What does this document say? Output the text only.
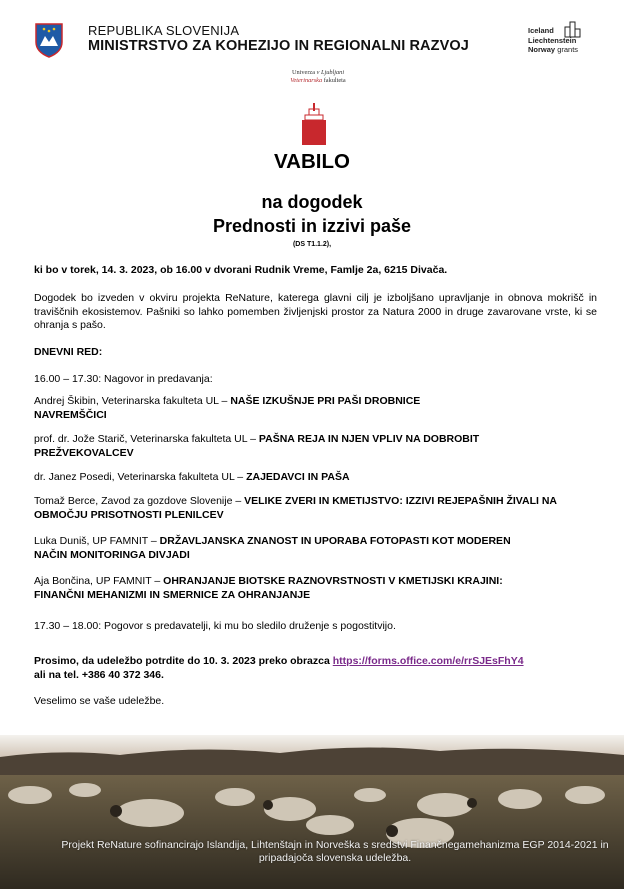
REPUBLIKA SLOVENIJA
MINISTRSTVO ZA KOHEZIJO IN REGIONALNI RAZVOJ
Iceland
Liechtenstein
Norway grants
Univerza v Ljubljani
Veterinarska fakulteta
VABILO
na dogodek
Prednosti in izzivi paše
(DS T1.1.2),
ki bo v torek, 14. 3. 2023, ob 16.00 v dvorani Rudnik Vreme, Famlje 2a, 6215 Divača.
Dogodek bo izveden v okviru projekta ReNature, katerega glavni cilj je izboljšano upravljanje in obnova mokrišč in traviščnih ekosistemov. Pašniki so lahko pomemben življenjski prostor za Natura 2000 in druge zavarovane vrste, ki se ohranja s pašo.
DNEVNI RED:
16.00 – 17.30: Nagovor in predavanja:
Andrej Škibin, Veterinarska fakulteta UL – NAŠE IZKUŠNJE PRI PAŠI DROBNICE NAVREMŠČICI
prof. dr. Jože Starič, Veterinarska fakulteta UL – PAŠNA REJA IN NJEN VPLIV NA DOBROBIT PREŽVEKOVALCEV
dr. Janez Posedi, Veterinarska fakulteta UL – ZAJEDAVCI IN PAŠA
Tomaž Berce, Zavod za gozdove Slovenije – VELIKE ZVERI IN KMETIJSTVO: IZZIVI REJEPAŠNIH ŽIVALI NA OBMOČJU PRISOTNOSTI PLENILCEV
Luka Duniš, UP FAMNIT – DRŽAVLJANSKA ZNANOST IN UPORABA FOTOPASTI KOT MODEREN NAČIN MONITORINGA DIVJADI
Aja Bončina, UP FAMNIT – OHRANJANJE BIOTSKE RAZNOVRSTNOSTI V KMETIJSKI KRAJINI: FINANČNI MEHANIZMI IN SMERNICE ZA OHRANJANJE
17.30 – 18.00: Pogovor s predavatelji, ki mu bo sledilo druženje s pogostitvijo.
Prosimo, da udeležbo potrdite do 10. 3. 2023 preko obrazca https://forms.office.com/e/rrSJEsFhY4
ali na tel. +386 40 372 346.
Veselimo se vaše udeležbe.
Projekt ReNature sofinancirajo Islandija, Lihtenštajn in Norveška s sredstvi Finančnegamehanizma EGP 2014-2021 in pripadajoča slovenska udeležba.
